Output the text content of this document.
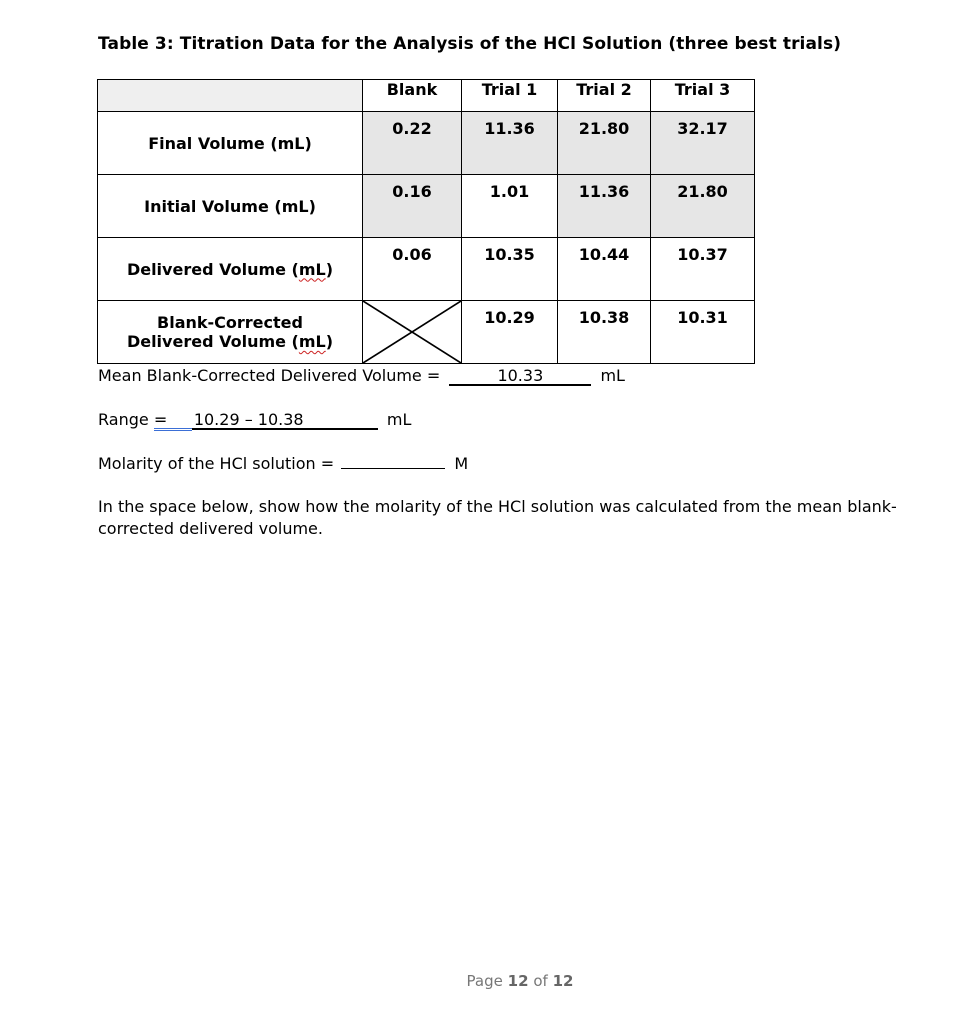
Table 3: Titration Data for the Analysis of the HCl Solution (three best trials)
	Blank	Trial 1	Trial 2	Trial 3
Final Volume (mL)	0.22	11.36	21.80	32.17
Initial Volume (mL)	0.16	1.01	11.36	21.80
Delivered Volume (mL)	0.06	10.35	10.44	10.37

Blank-Corrected
Delivered Volume (mL)		10.29	10.38	10.31
Mean Blank-Corrected Delivered Volume =	10.33	mL
Range = 10.29 – 10.38	mL
Molarity of the HCl solution =	M
In the space below, show how the molarity of the HCl solution was calculated from the mean blank-corrected delivered volume.
Page 12 of 12
